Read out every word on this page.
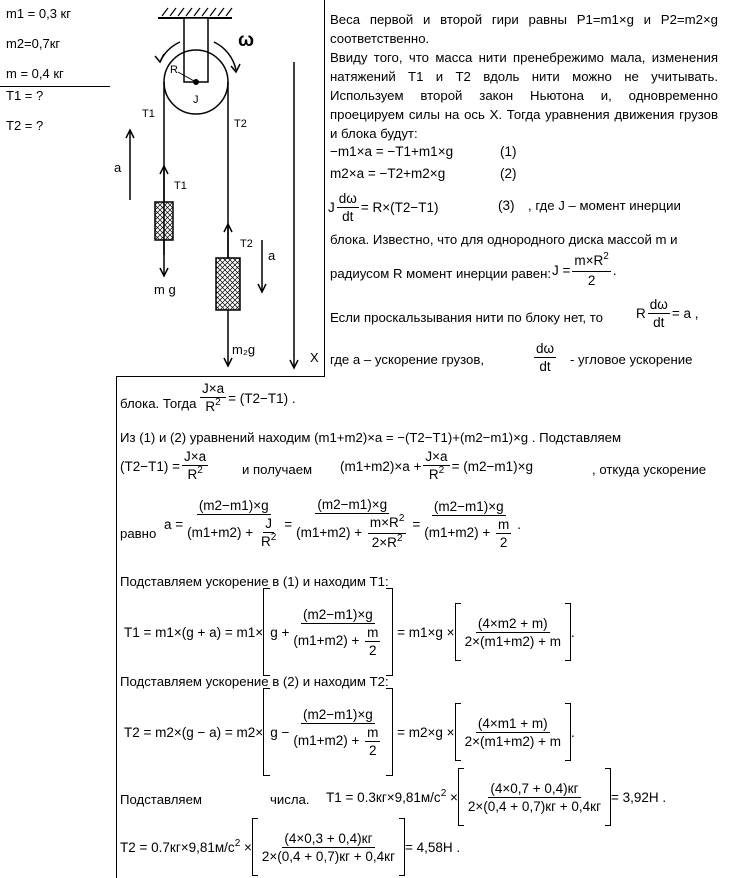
m1 = 0,3 кг
m2=0,7кг
m = 0,4 кг
T1 = ?
T2 = ?
ω
R
J
T1
T2
a
T1
m g
T2
a
m₂g
X
Веса первой и второй гири равны P1=m1×g и P2=m2×g соответственно.
Ввиду того, что масса нити пренебрежимо мала, изменения натяжений T1 и T2 вдоль нити можно не учитывать. Используем второй закон Ньютона и, одновременно проецируем силы на ось X. Тогда уравнения движения грузов и блока будут:
−m1×a = −T1+m1×g	(1)
m2×a = −T2+m2×g	(2)
J $\frac{d\omega}{dt} = R\times(T2-T1)$	(3) , где J – момент инерции
блока. Известно, что для однородного диска массой m и
радиусом R момент инерции равен: $J = \frac{m\times R^2}{2}$ .
Если проскальзывания нити по блоку нет, то R $\frac{d\omega}{dt} = a$ ,
где a – ускорение грузов,	$\frac{d\omega}{dt}$ - угловое ускорение
блока. Тогда $\frac{J\times a}{R^2} = (T2-T1)$ .
Из (1) и (2) уравнений находим (m1+m2)×a = −(T2−T1)+(m2−m1)×g . Подставляем
$(T2-T1) = \frac{J\times a}{R^2}$	и получаем $(m1+m2)\times a + \frac{J\times a}{R^2} = (m2-m1)\times g$	, откуда ускорение
равно
$a = \frac{(m2-m1)\times g}{(m1+m2) + \frac{J}{R^2}} = \frac{(m2-m1)\times g}{(m1+m2) + \frac{m\times R^2}{2\times R^2}} = \frac{(m2-m1)\times g}{(m1+m2) + \frac{m}{2}}$ .
Подставляем ускорение в (1) и находим T1:
$T1 = m1\times(g + a) = m1\times g + \frac{(m2-m1)\times g}{(m1+m2) + \frac{m}{2}} = m1\times g \times \frac{(4\times m2 + m)}{2\times(m1+m2) + m}$ .
Подставляем ускорение в (2) и находим T2:
$T2 = m2\times(g - a) = m2\times g - \frac{(m2-m1)\times g}{(m1+m2) + \frac{m}{2}} = m2\times g \times \frac{(4\times m1 + m)}{2\times(m1+m2) + m}$ .
Подставляем	числа. $T1 = 0.3кг\times 9,81м/с^2 \times \frac{(4\times 0,7 + 0,4)кг}{2\times(0,4 + 0,7)кг + 0,4кг} = 3,92Н$ .
$T2 = 0.7кг\times 9,81м/с^2 \times \frac{(4\times 0,3 + 0,4)кг}{2\times(0,4 + 0,7)кг + 0,4кг} = 4,58Н$ .
